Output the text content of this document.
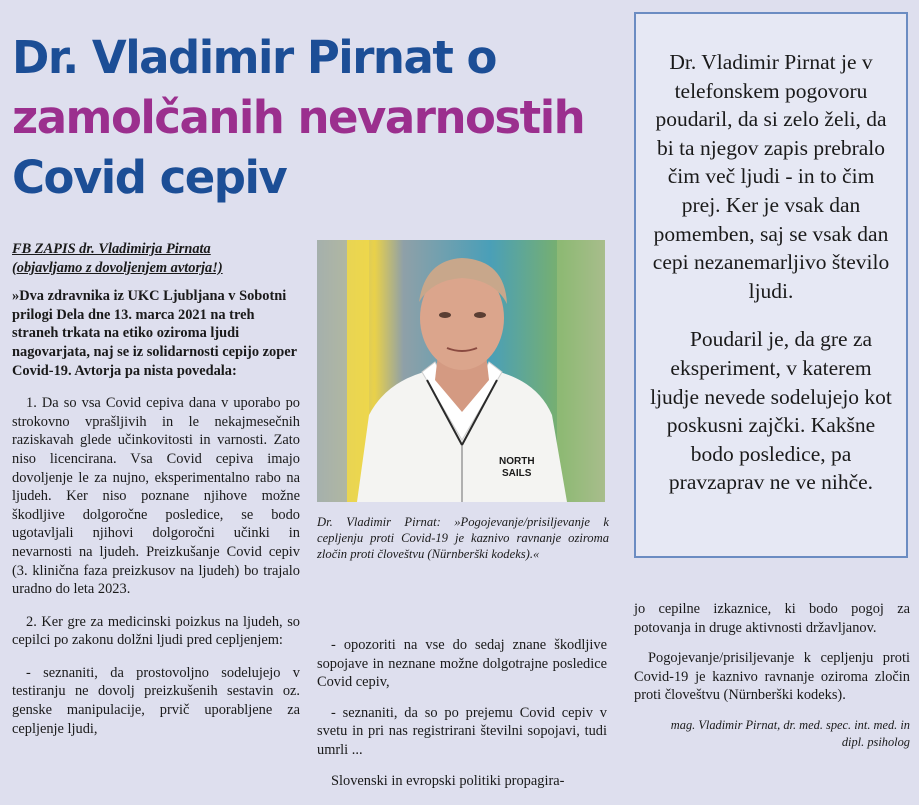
Dr. Vladimir Pirnat o
zamolčanih nevarnostih
Covid cepiv

Dr. Vladimir Pirnat je v telefonskem pogovoru poudaril, da si zelo želi, da bi ta njegov zapis prebralo čim več ljudi - in to čim prej. Ker je vsak dan pomemben, saj se vsak dan cepi nezanemarljivo število ljudi.

Poudaril je, da gre za eksperiment, v katerem ljudje nevede sodelujejo kot poskusni zajčki. Kakšne bodo posledice, pa pravzaprav ne ve nihče.

FB ZAPIS dr. Vladimirja Pirnata

(objavljamo z dovoljenjem avtorja!)

»Dva zdravnika iz UKC Ljubljana v Sobotni prilogi Dela dne 13. marca 2021 na treh straneh trkata na etiko oziroma ljudi nagovarjata, naj se iz solidarnosti cepijo zoper Covid-19. Avtorja pa nista povedala:

1. Da so vsa Covid cepiva dana v uporabo po strokovno vprašljivih in le nekajmesečnih raziskavah glede učinkovitosti in varnosti. Zato niso licencirana. Vsa Covid cepiva imajo dovoljenje le za nujno, eksperimentalno rabo na ljudeh. Ker niso poznane njihove možne škodljive dolgoročne posledice, se bodo ugotavljali njihovi dolgoročni učinki in nevarnosti na ljudeh. Preizkušanje Covid cepiv (3. klinična faza preizkusov na ljudeh) bo trajalo uradno do leta 2023.

2. Ker gre za medicinski poizkus na ljudeh, so cepilci po zakonu dolžni ljudi pred cepljenjem:

- seznaniti, da prostovoljno sodelujejo v testiranju ne dovolj preizkušenih sestavin oz. genske manipulacije, prvič uporabljene za cepljenje ljudi,

NORTH
SAILS
Dr. Vladimir Pirnat: »Pogojevanje/prisiljevanje k cepljenju proti Covid-19 je kaznivo ravnanje oziroma zločin proti človeštvu (Nürnberški kodeks).«

- opozoriti na vse do sedaj znane škodljive sopojave in neznane možne dolgotrajne posledice Covid cepiv,

- seznaniti, da so po prejemu Covid cepiv v svetu in pri nas registrirani številni sopojavi, tudi umrli ...

Slovenski in evropski politiki propagira-

jo cepilne izkaznice, ki bodo pogoj za potovanja in druge aktivnosti državljanov.

Pogojevanje/prisiljevanje k cepljenju proti Covid-19 je kaznivo ravnanje oziroma zločin proti človeštvu (Nürnberški kodeks).

mag. Vladimir Pirnat, dr. med. spec. int. med. in dipl. psiholog
